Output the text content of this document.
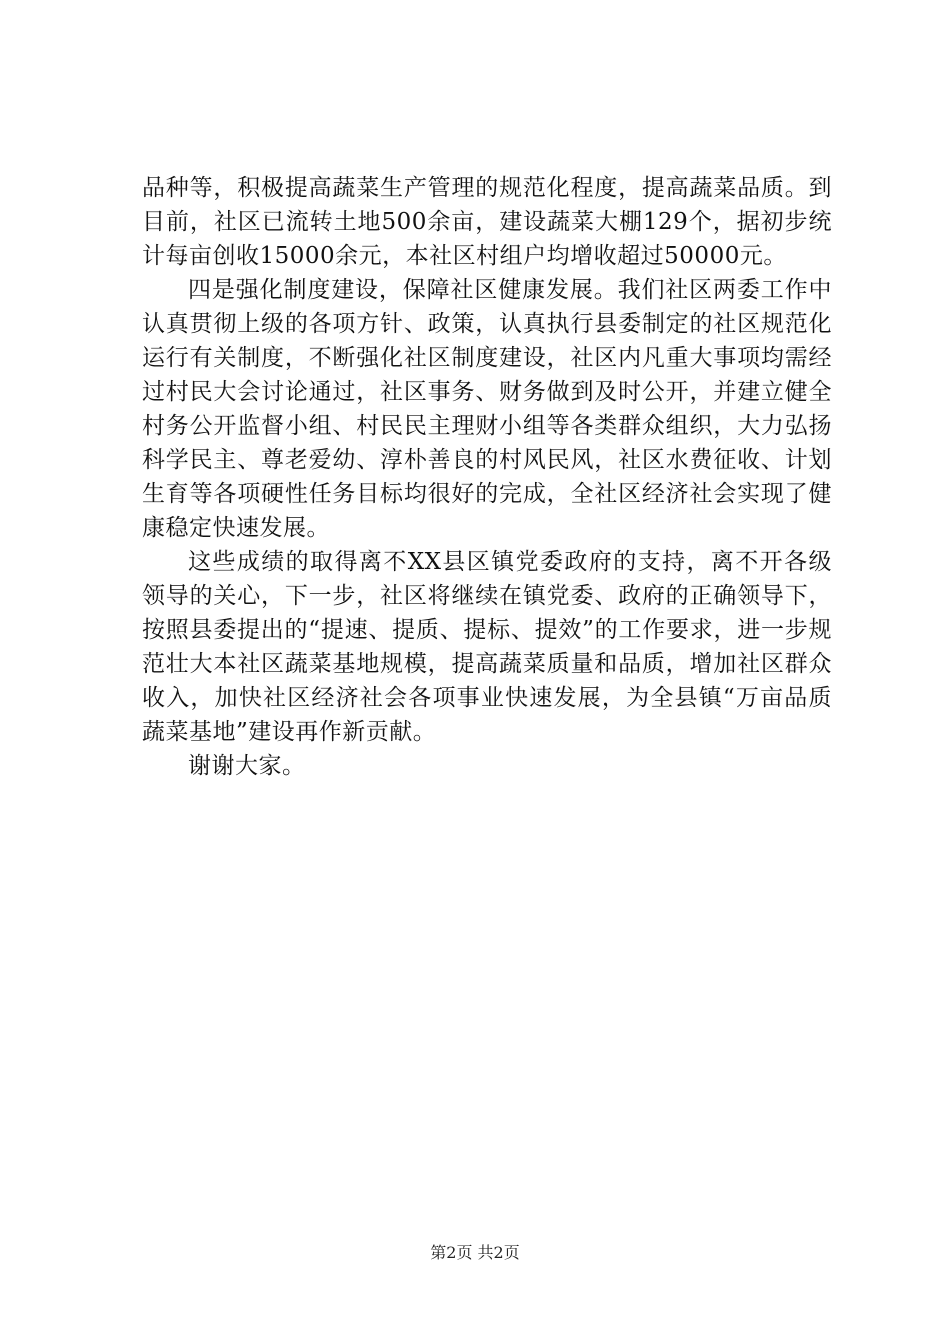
品种等，积极提高蔬菜生产管理的规范化程度，提高蔬菜品质。到目前，社区已流转土地500余亩，建设蔬菜大棚129个，据初步统计每亩创收15000余元，本社区村组户均增收超过50000元。

四是强化制度建设，保障社区健康发展。我们社区两委工作中认真贯彻上级的各项方针、政策，认真执行县委制定的社区规范化运行有关制度，不断强化社区制度建设，社区内凡重大事项均需经过村民大会讨论通过，社区事务、财务做到及时公开，并建立健全村务公开监督小组、村民民主理财小组等各类群众组织，大力弘扬科学民主、尊老爱幼、淳朴善良的村风民风，社区水费征收、计划生育等各项硬性任务目标均很好的完成，全社区经济社会实现了健康稳定快速发展。

这些成绩的取得离不XX县区镇党委政府的支持，离不开各级领导的关心，下一步，社区将继续在镇党委、政府的正确领导下，按照县委提出的“提速、提质、提标、提效”的工作要求，进一步规范壮大本社区蔬菜基地规模，提高蔬菜质量和品质，增加社区群众收入，加快社区经济社会各项事业快速发展，为全县镇“万亩品质蔬菜基地”建设再作新贡献。

谢谢大家。

第2页 共2页
